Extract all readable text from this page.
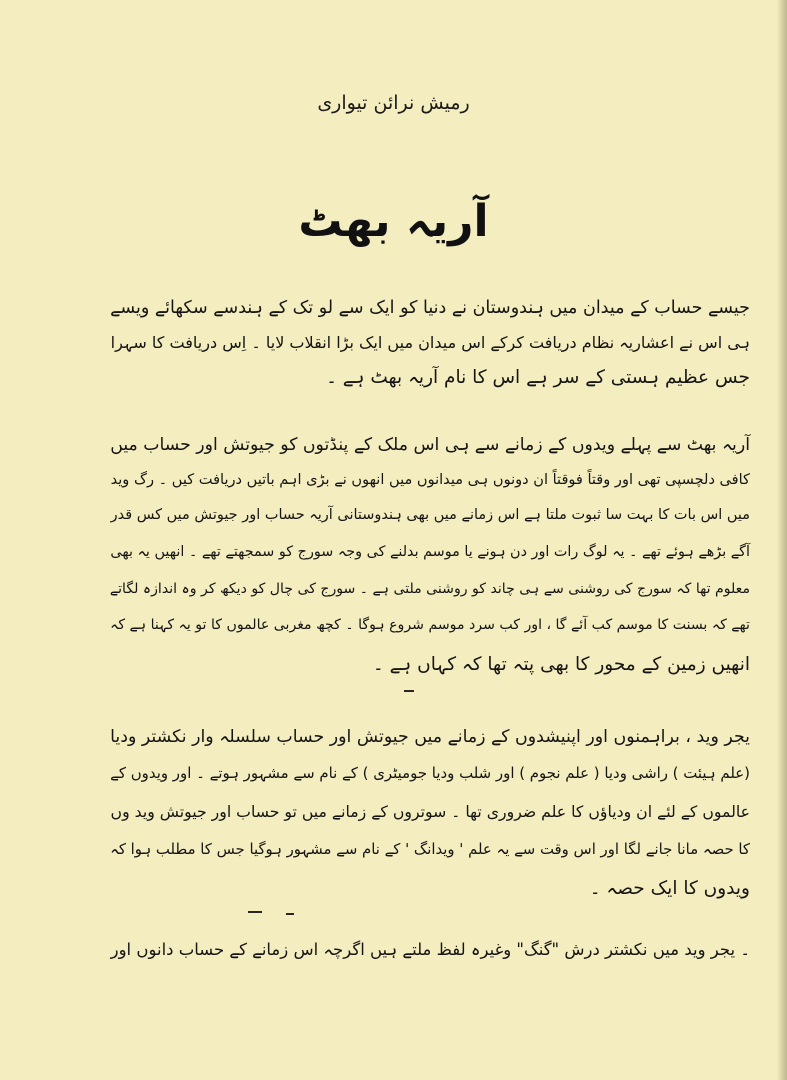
رمیش نرائن تیواری
آریہ بھٹ
جیسے حساب کے میدان میں ہندوستان نے دنیا کو ایک سے لو تک کے ہندسے سکھائے ویسے
ہی اس نے اعشاریہ نظام دریافت کرکے اس میدان میں ایک بڑا انقلاب لایا ۔ اِس دریافت کا سہرا
جس عظیم ہستی کے سر ہے اس کا نام آریہ بھٹ ہے ۔
آریہ بھٹ سے پہلے ویدوں کے زمانے سے ہی اس ملک کے پنڈتوں کو جیوتش اور حساب میں
کافی دلچسپی تھی اور وقتاً فوقتاً ان دونوں ہی میدانوں میں انھوں نے بڑی اہم باتیں دریافت کیں ۔ رگ وید
میں اس بات کا بہت سا ثبوت ملتا ہے اس زمانے میں بھی ہندوستانی آریہ حساب اور جیوتش میں کس قدر
آگے بڑھے ہوئے تھے ۔ یہ لوگ رات اور دن ہونے یا موسم بدلنے کی وجہ سورج کو سمجھتے تھے ۔ انھیں یہ بھی
معلوم تھا کہ سورج کی روشنی سے ہی چاند کو روشنی ملتی ہے ۔ سورج کی چال کو دیکھ کر وہ اندازہ لگاتے
تھے کہ بسنت کا موسم کب آئے گا ، اور کب سرد موسم شروع ہوگا ۔ کچھ مغربی عالموں کا تو یہ کہنا ہے کہ
انھیں زمین کے محور کا بھی پتہ تھا کہ کہاں ہے ۔
یجر وید ، براہمنوں اور اپنیشدوں کے زمانے میں جیوتش اور حساب سلسلہ وار نکشتر ودیا
(علم ہیئت ) راشی ودیا ( علم نجوم ) اور شلب ودیا جومیٹری ) کے نام سے مشہور ہوتے ۔ اور ویدوں کے
عالموں کے لئے ان ودیاؤں کا علم ضروری تھا ۔ سوتروں کے زمانے میں تو حساب اور جیوتش وید وں
کا حصہ مانا جانے لگا اور اس وقت سے یہ علم ' ویدانگ ' کے نام سے مشہور ہوگیا جس کا مطلب ہوا کہ
ویدوں کا ایک حصہ ۔
۔ یجر وید میں نکشتر درش "گنگ" وغیرہ لفظ ملتے ہیں اگرچہ اس زمانے کے حساب دانوں اور
